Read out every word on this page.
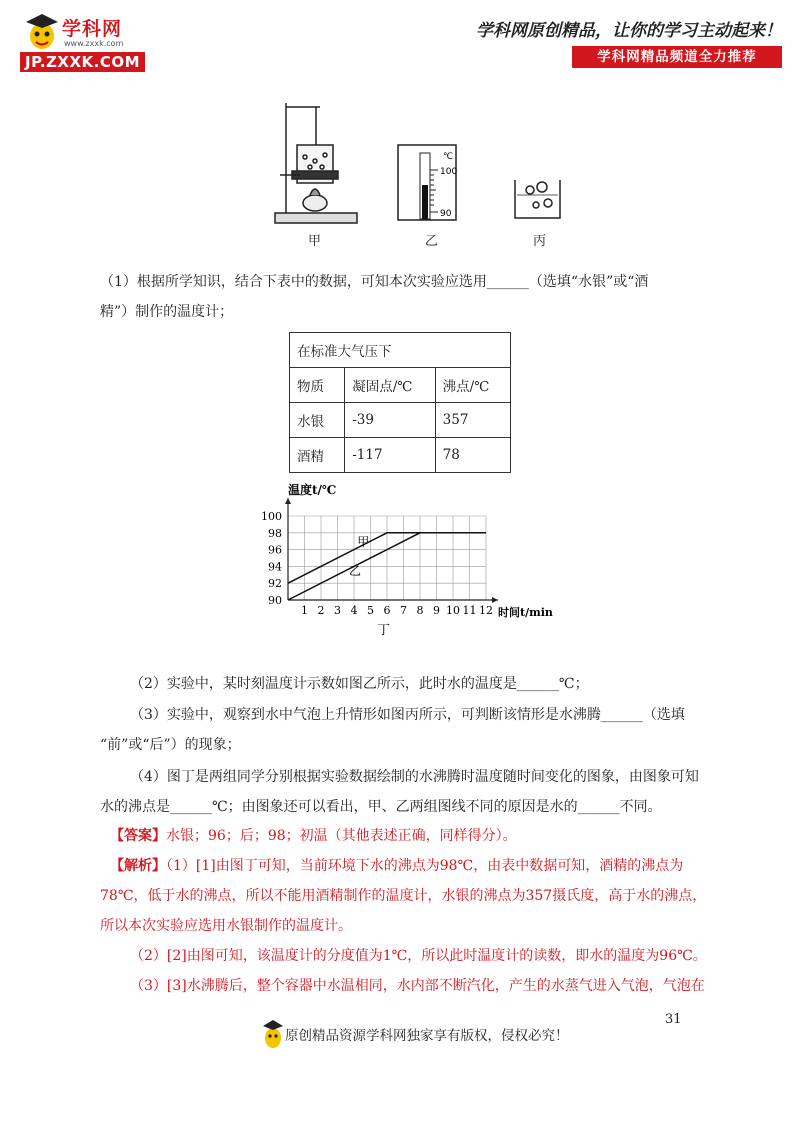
学科网
www.zxxk.com
JP.ZXXK.COM
学科网原创精品，让你的学习主动起来！
学科网精品频道全力推荐
℃
100
90
甲	乙	丙

（1）根据所学知识，结合下表中的数据，可知本次实验应选用______（选填“水银”或“酒

精”）制作的温度计；

在标准大气压下		
物质	凝固点/℃	沸点/℃
水银	-39	357
酒精	-117	78
1 2 3 4 5 6 7 8 9 10 11 12
90
92
94
96
98
100
温度t/℃
时间t/min
甲
乙
丁

（2）实验中，某时刻温度计示数如图乙所示，此时水的温度是______℃；

（3）实验中，观察到水中气泡上升情形如图丙所示，可判断该情形是水沸腾______（选填

“前”或“后”）的现象；

（4）图丁是两组同学分别根据实验数据绘制的水沸腾时温度随时间变化的图象，由图象可知

水的沸点是______℃；由图象还可以看出，甲、乙两组图线不同的原因是水的______不同。

【答案】水银；96；后；98；初温（其他表述正确，同样得分）。

【解析】（1）[1]由图丁可知，当前环境下水的沸点为98℃，由表中数据可知，酒精的沸点为

78℃，低于水的沸点，所以不能用酒精制作的温度计，水银的沸点为357摄氏度，高于水的沸点，

所以本次实验应选用水银制作的温度计。

（2）[2]由图可知，该温度计的分度值为1℃，所以此时温度计的读数，即水的温度为96℃。

（3）[3]水沸腾后，整个容器中水温相同，水内部不断汽化，产生的水蒸气进入气泡，气泡在

31
原创精品资源学科网独家享有版权，侵权必究！
